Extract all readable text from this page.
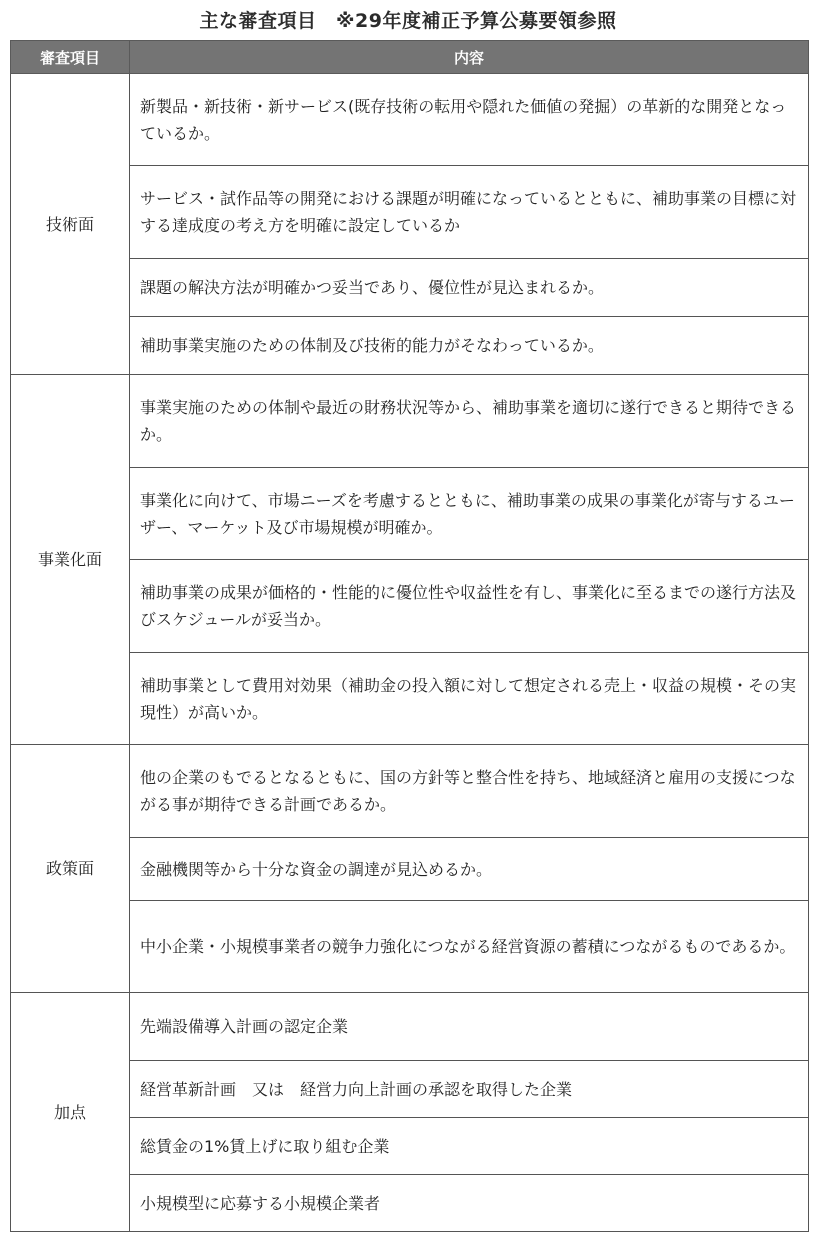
主な審査項目　※29年度補正予算公募要領参照
審査項目	内容
技術面	新製品・新技術・新サービス(既存技術の転用や隠れた価値の発掘）の革新的な開発となっているか。
	サービス・試作品等の開発における課題が明確になっているとともに、補助事業の目標に対する達成度の考え方を明確に設定しているか
	課題の解決方法が明確かつ妥当であり、優位性が見込まれるか。
	補助事業実施のための体制及び技術的能力がそなわっているか。
事業化面	事業実施のための体制や最近の財務状況等から、補助事業を適切に遂行できると期待できるか。
	事業化に向けて、市場ニーズを考慮するとともに、補助事業の成果の事業化が寄与するユーザー、マーケット及び市場規模が明確か。
	補助事業の成果が価格的・性能的に優位性や収益性を有し、事業化に至るまでの遂行方法及びスケジュールが妥当か。
	補助事業として費用対効果（補助金の投入額に対して想定される売上・収益の規模・その実現性）が高いか。
政策面	他の企業のもでるとなるともに、国の方針等と整合性を持ち、地域経済と雇用の支援につながる事が期待できる計画であるか。
	金融機関等から十分な資金の調達が見込めるか。
	中小企業・小規模事業者の競争力強化につながる経営資源の蓄積につながるものであるか。
加点	先端設備導入計画の認定企業
	経営革新計画　又は　経営力向上計画の承認を取得した企業
	総賃金の1%賃上げに取り組む企業
	小規模型に応募する小規模企業者
